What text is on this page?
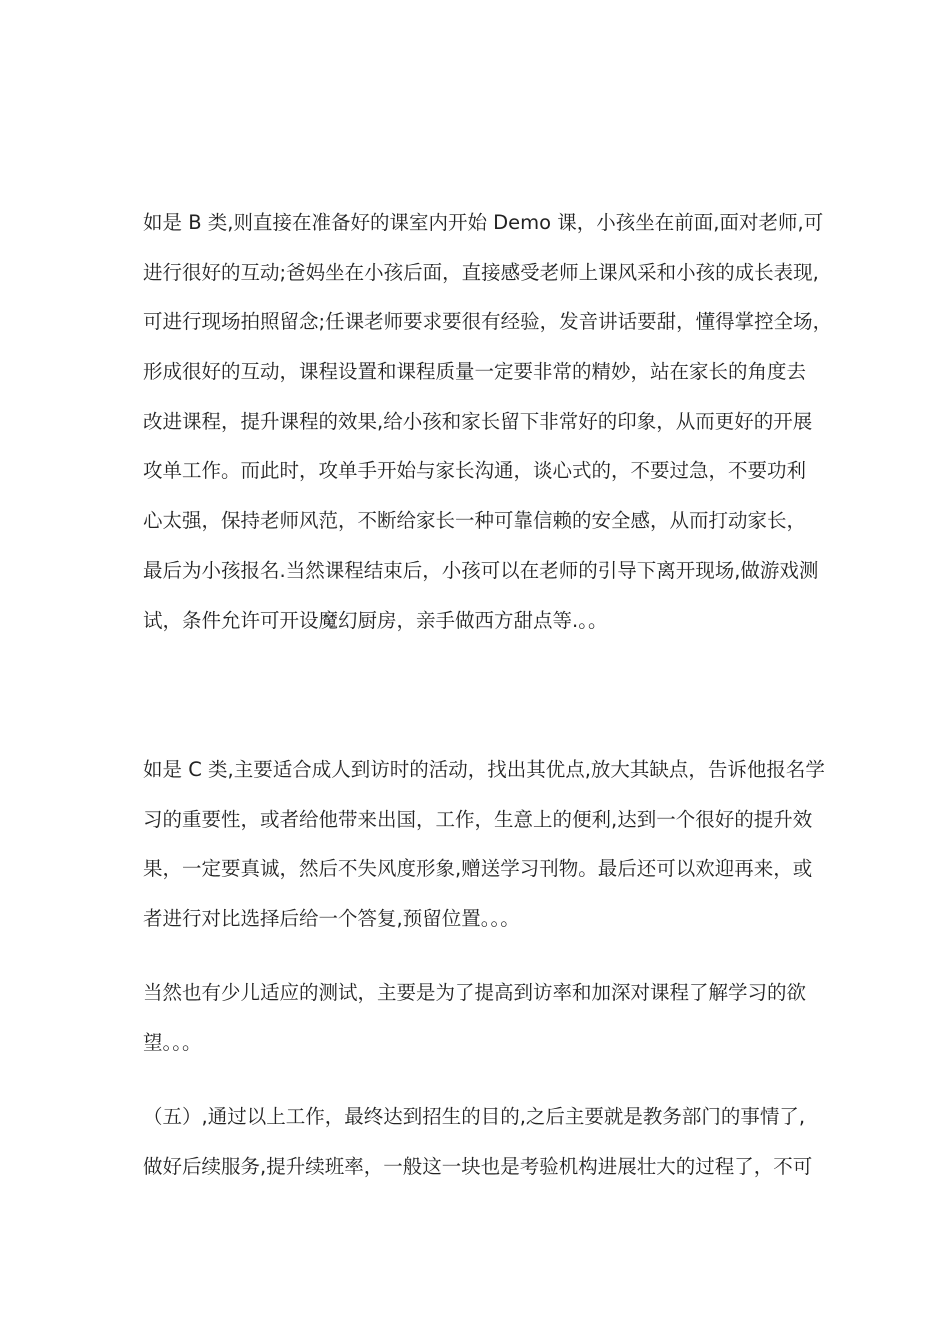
如是 B 类,则直接在准备好的课室内开始 Demo 课，小孩坐在前面,面对老师,可
进行很好的互动;爸妈坐在小孩后面，直接感受老师上课风采和小孩的成长表现,
可进行现场拍照留念;任课老师要求要很有经验，发音讲话要甜，懂得掌控全场，
形成很好的互动，课程设置和课程质量一定要非常的精妙，站在家长的角度去
改进课程，提升课程的效果,给小孩和家长留下非常好的印象，从而更好的开展
攻单工作。而此时，攻单手开始与家长沟通，谈心式的，不要过急，不要功利
心太强，保持老师风范，不断给家长一种可靠信赖的安全感，从而打动家长，
最后为小孩报名.当然课程结束后，小孩可以在老师的引导下离开现场,做游戏测
试，条件允许可开设魔幻厨房，亲手做西方甜点等.。。
如是 C 类,主要适合成人到访时的活动，找出其优点,放大其缺点，告诉他报名学
习的重要性，或者给他带来出国，工作，生意上的便利,达到一个很好的提升效
果，一定要真诚，然后不失风度形象,赠送学习刊物。最后还可以欢迎再来，或
者进行对比选择后给一个答复,预留位置。。。
当然也有少儿适应的测试，主要是为了提高到访率和加深对课程了解学习的欲
望。。。
（五）,通过以上工作，最终达到招生的目的,之后主要就是教务部门的事情了,
做好后续服务,提升续班率，一般这一块也是考验机构进展壮大的过程了，不可
